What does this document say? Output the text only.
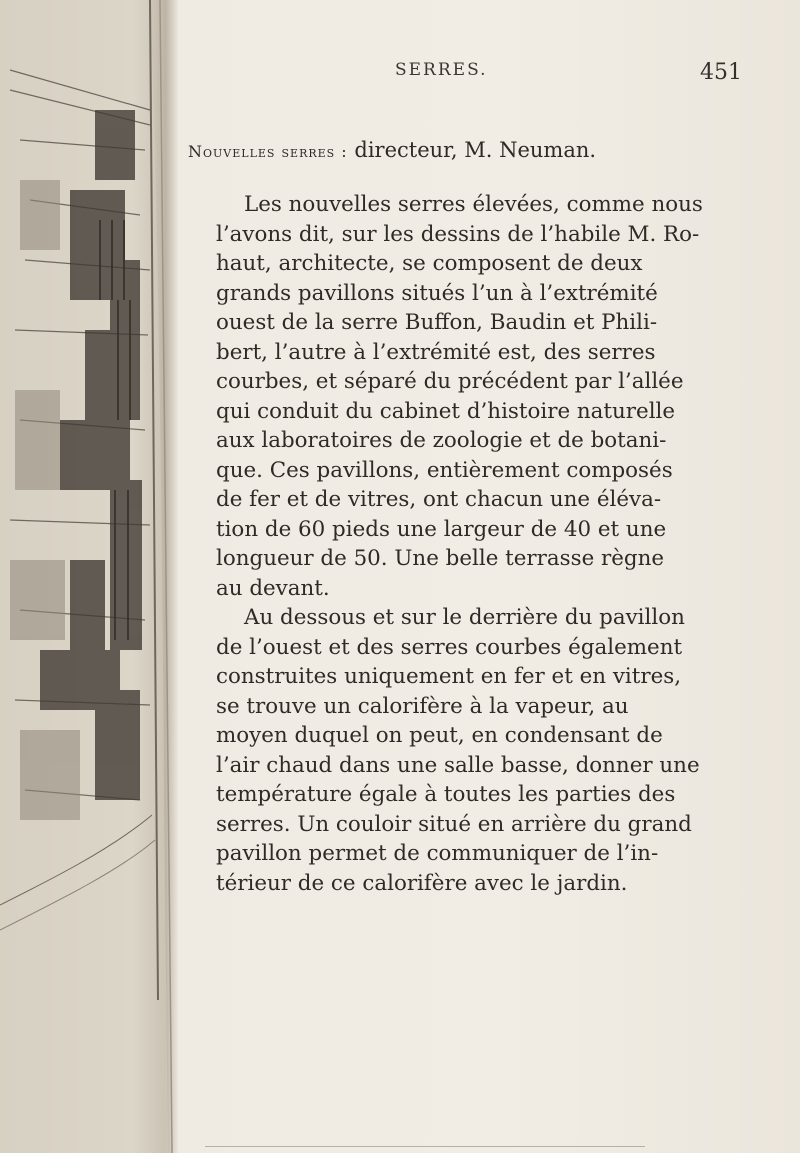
SERRES.	451
Nouvelles serres : directeur, M. Neuman.
Les nouvelles serres élevées, comme nous
l’avons dit, sur les dessins de l’habile M. Ro-
haut, architecte, se composent de deux
grands pavillons situés l’un à l’extrémité
ouest de la serre Buffon, Baudin et Phili-
bert, l’autre à l’extrémité est, des serres
courbes, et séparé du précédent par l’allée
qui conduit du cabinet d’histoire naturelle
aux laboratoires de zoologie et de botani-
que. Ces pavillons, entièrement composés
de fer et de vitres, ont chacun une éléva-
tion de 60 pieds une largeur de 40 et une
longueur de 50. Une belle terrasse règne
au devant.
Au dessous et sur le derrière du pavillon
de l’ouest et des serres courbes également
construites uniquement en fer et en vitres,
se trouve un calorifère à la vapeur, au
moyen duquel on peut, en condensant de
l’air chaud dans une salle basse, donner une
température égale à toutes les parties des
serres. Un couloir situé en arrière du grand
pavillon permet de communiquer de l’in-
térieur de ce calorifère avec le jardin.
